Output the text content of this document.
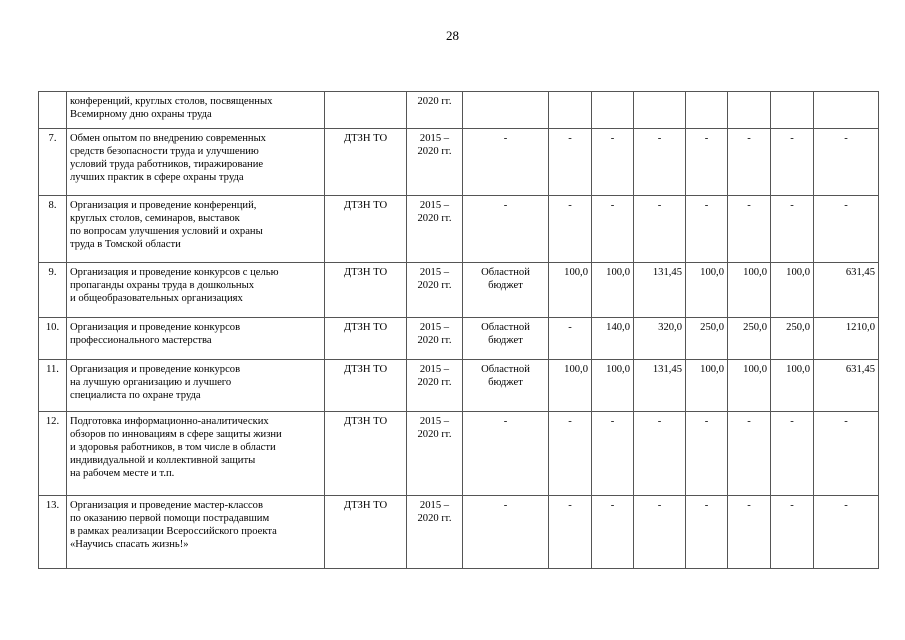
28

	конференций, круглых столов, посвященных
Всемирному дню охраны труда		2020 гг.									

7.	Обмен опытом по внедрению современных
средств безопасности труда и улучшению
условий труда работников, тиражирование
лучших практик в сфере охраны труда	ДТЗН ТО	2015 –
2020 гг.	-	-	-	-	-	-	-	-	
8.	Организация и проведение конференций,
круглых столов, семинаров, выставок
по вопросам улучшения условий и охраны
труда в Томской области	ДТЗН ТО	2015 –
2020 гг.	-	-	-	-	-	-	-	-	
9.	Организация и проведение конкурсов с целью
пропаганды охраны труда в дошкольных
и общеобразовательных организациях	ДТЗН ТО	2015 –
2020 гг.	Областной
бюджет	100,0	100,0	131,45	100,0	100,0	100,0	631,45	
10.	Организация и проведение конкурсов
профессионального мастерства	ДТЗН ТО	2015 –
2020 гг.	Областной
бюджет	-	140,0	320,0	250,0	250,0	250,0	1210,0	
11.	Организация и проведение конкурсов
на лучшую организацию и лучшего
специалиста по охране труда	ДТЗН ТО	2015 –
2020 гг.	Областной
бюджет	100,0	100,0	131,45	100,0	100,0	100,0	631,45	
12.	Подготовка информационно-аналитических
обзоров по инновациям в сфере защиты жизни
и здоровья работников, в том числе в области
индивидуальной и коллективной защиты
на рабочем месте и т.п.	ДТЗН ТО	2015 –
2020 гг.	-	-	-	-	-	-	-	-	
13.	Организация и проведение мастер-классов
по оказанию первой помощи пострадавшим
в рамках реализации Всероссийского проекта
«Научись спасать жизнь!»	ДТЗН ТО	2015 –
2020 гг.	-	-	-	-	-	-	-	-	
